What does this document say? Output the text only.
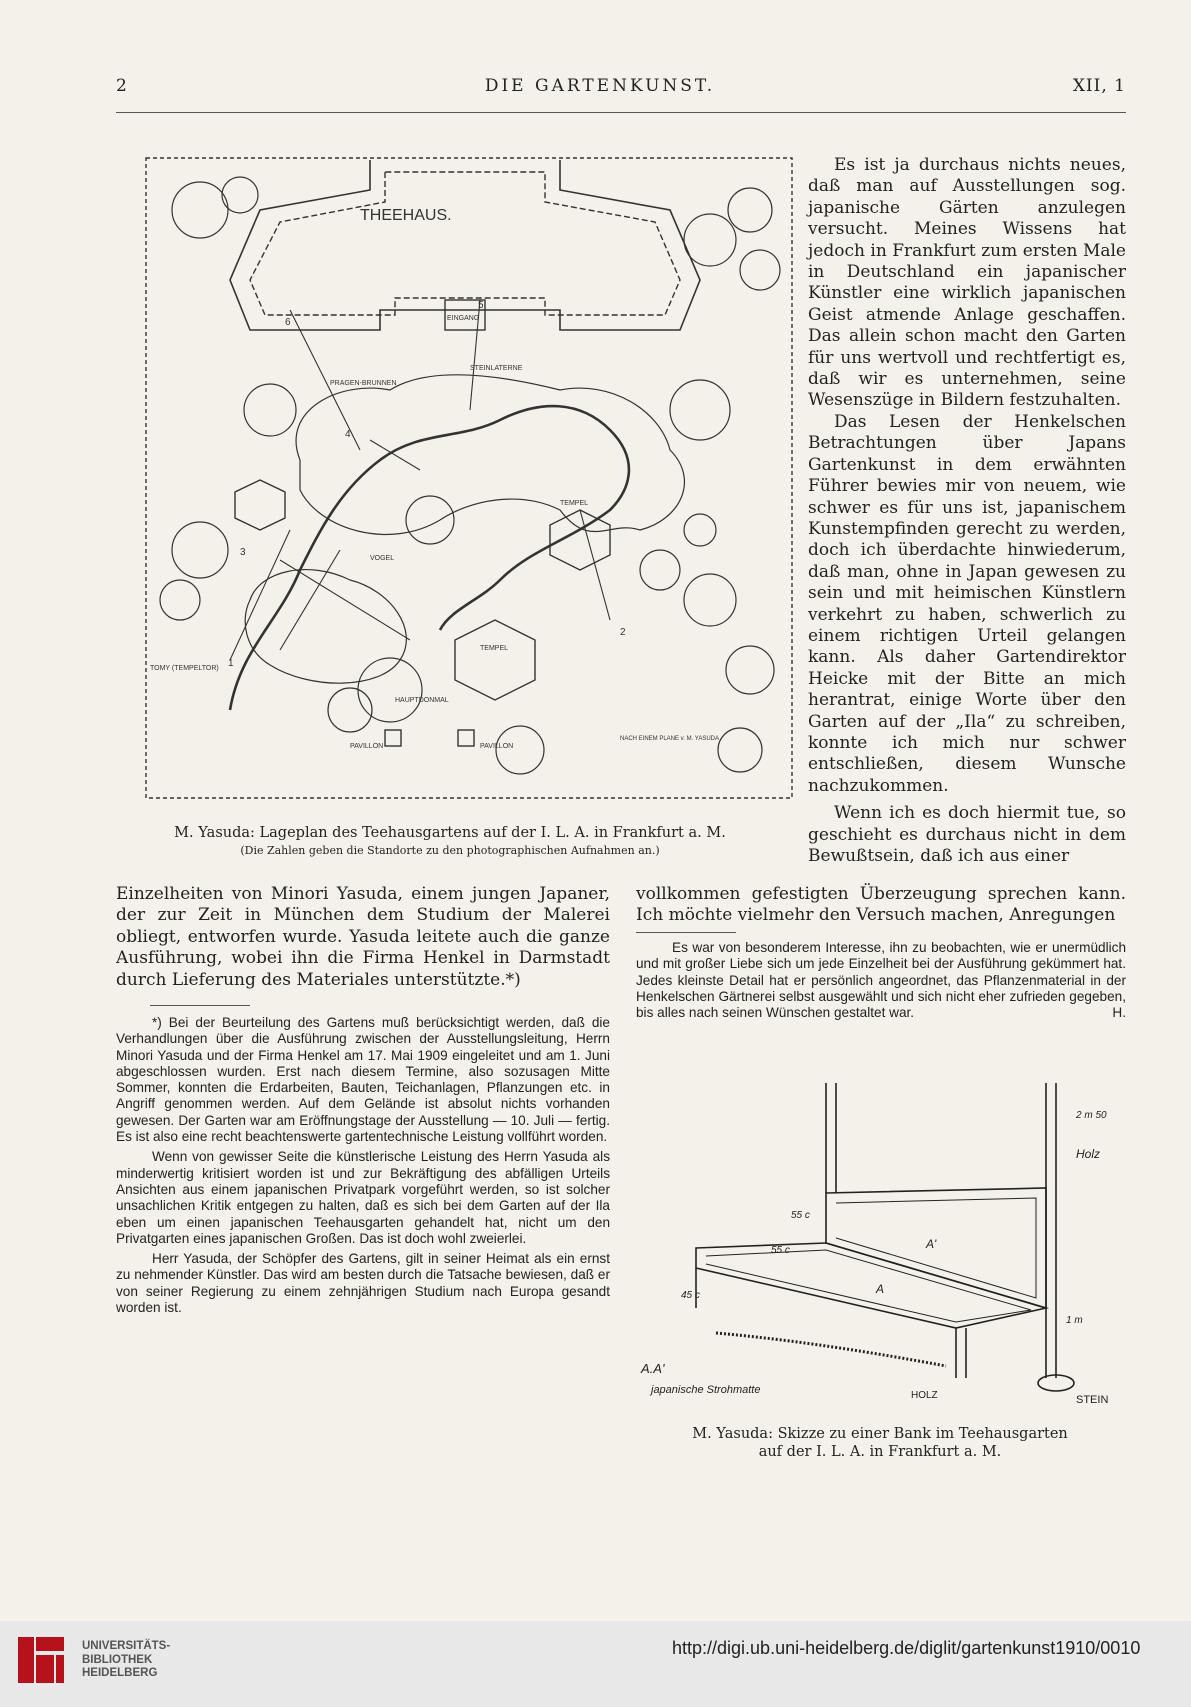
2	DIE GARTENKUNST.	XII, 1
THEEHAUS.
EINGANG
PRAGEN-BRUNNEN
STEINLATERNE
TEMPEL
TEMPEL
VOGEL
HAUPTDONMAL
PAVILLON	PAVILLON
TOMY (TEMPELTOR)
NACH EINEM PLANE v. M. YASUDA
1
2
3
4
5
6
M. Yasuda: Lageplan des Teehausgartens auf der I. L. A. in Frankfurt a. M.
(Die Zahlen geben die Standorte zu den photographischen Aufnahmen an.)

Es ist ja durchaus nichts neues, daß man auf Ausstellungen sog. japanische Gärten anzulegen versucht. Meines Wissens hat jedoch in Frankfurt zum ersten Male in Deutschland ein japanischer Künstler eine wirklich japanischen Geist atmende Anlage geschaffen. Das allein schon macht den Garten für uns wertvoll und rechtfertigt es, daß wir es unternehmen, seine Wesenszüge in Bildern festzuhalten.

Das Lesen der Henkelschen Betrachtungen über Japans Gartenkunst in dem erwähnten Führer bewies mir von neuem, wie schwer es für uns ist, japanischem Kunstempfinden gerecht zu werden, doch ich überdachte hinwiederum, daß man, ohne in Japan gewesen zu sein und mit heimischen Künstlern verkehrt zu haben, schwerlich zu einem richtigen Urteil gelangen kann. Als daher Gartendirektor Heicke mit der Bitte an mich herantrat, einige Worte über den Garten auf der „Ila“ zu schreiben, konnte ich mich nur schwer entschließen, diesem Wunsche nachzukommen.

Wenn ich es doch hiermit tue, so geschieht es durchaus nicht in dem Bewußtsein, daß ich aus einer

Einzelheiten von Minori Yasuda, einem jungen Japaner, der zur Zeit in München dem Studium der Malerei obliegt, entworfen wurde. Yasuda leitete auch die ganze Ausführung, wobei ihn die Firma Henkel in Darmstadt durch Lieferung des Materiales unterstützte.*)

*) Bei der Beurteilung des Gartens muß berücksichtigt werden, daß die Verhandlungen über die Ausführung zwischen der Ausstellungsleitung, Herrn Minori Yasuda und der Firma Henkel am 17. Mai 1909 eingeleitet und am 1. Juni abgeschlossen wurden. Erst nach diesem Termine, also sozusagen Mitte Sommer, konnten die Erdarbeiten, Bauten, Teichanlagen, Pflanzungen etc. in Angriff genommen werden. Auf dem Gelände ist absolut nichts vorhanden gewesen. Der Garten war am Eröffnungstage der Ausstellung — 10. Juli — fertig. Es ist also eine recht beachtenswerte gartentechnische Leistung vollführt worden.

Wenn von gewisser Seite die künstlerische Leistung des Herrn Yasuda als minderwertig kritisiert worden ist und zur Bekräftigung des abfälligen Urteils Ansichten aus einem japanischen Privatpark vorgeführt werden, so ist solcher unsachlichen Kritik entgegen zu halten, daß es sich bei dem Garten auf der Ila eben um einen japanischen Teehausgarten gehandelt hat, nicht um den Privatgarten eines japanischen Großen. Das ist doch wohl zweierlei.

Herr Yasuda, der Schöpfer des Gartens, gilt in seiner Heimat als ein ernst zu nehmender Künstler. Das wird am besten durch die Tatsache bewiesen, daß er von seiner Regierung zu einem zehnjährigen Studium nach Europa gesandt worden ist.

vollkommen gefestigten Überzeugung sprechen kann. Ich möchte vielmehr den Versuch machen, Anregungen

Es war von besonderem Interesse, ihn zu beobachten, wie er unermüdlich und mit großer Liebe sich um jede Einzelheit bei der Ausführung gekümmert hat. Jedes kleinste Detail hat er persönlich angeordnet, das Pflanzenmaterial in der Henkelschen Gärtnerei selbst ausgewählt und sich nicht eher zufrieden gegeben, bis alles nach seinen Wünschen gestaltet war.	H.

A'
A
A.A'
japanische Strohmatte
Holz
HOLZ	STEIN
55 c
55 c
45 c
1 m
2 m 50
M. Yasuda: Skizze zu einer Bank im Teehausgarten
auf der I. L. A. in Frankfurt a. M.
UNIVERSITÄTS-
BIBLIOTHEK
HEIDELBERG
http://digi.ub.uni-heidelberg.de/diglit/gartenkunst1910/0010
